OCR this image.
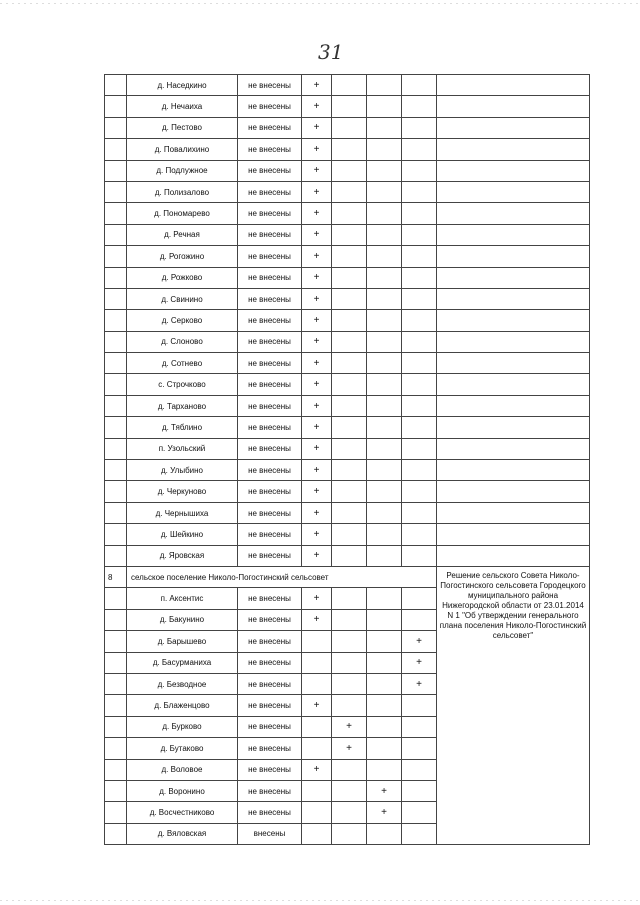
31
	д. Наседкино	не внесены	+				
	д. Нечаиха	не внесены	+				
	д. Пестово	не внесены	+				
	д. Повалихино	не внесены	+				
	д. Подлужное	не внесены	+				
	д. Полизалово	не внесены	+				
	д. Пономарево	не внесены	+				
	д. Речная	не внесены	+				
	д. Рогожино	не внесены	+				
	д. Рожково	не внесены	+				
	д. Свинино	не внесены	+				
	д. Серково	не внесены	+				
	д. Слоново	не внесены	+				
	д. Сотнево	не внесены	+				
	с. Строчково	не внесены	+				
	д. Тарханово	не внесены	+				
	д. Тяблино	не внесены	+				
	п. Узольский	не внесены	+				
	д. Улыбино	не внесены	+				
	д. Черкуново	не внесены	+				
	д. Чернышиха	не внесены	+				
	д. Шейкино	не внесены	+				
	д. Яровская	не внесены	+				
8	сельское поселение Николо-Погостинский сельсовет						Решение сельского Совета Николо-Погостинского сельсовета Городецкого муниципального района Нижегородской области от 23.01.2014 N 1 "Об утверждении генерального плана поселения Николо-Погостинский сельсовет"
	п. Аксентис	не внесены	+				
	д. Бакунино	не внесены	+				
	д. Барышево	не внесены				+	
	д. Басурманиха	не внесены				+	
	д. Безводное	не внесены				+	
	д. Блаженцово	не внесены	+				
	д. Бурково	не внесены		+			
	д. Бутаково	не внесены		+			
	д. Воловое	не внесены	+				
	д. Воронино	не внесены			+		
	д. Восчестниково	не внесены			+		
	д. Вяловская	внесены					
